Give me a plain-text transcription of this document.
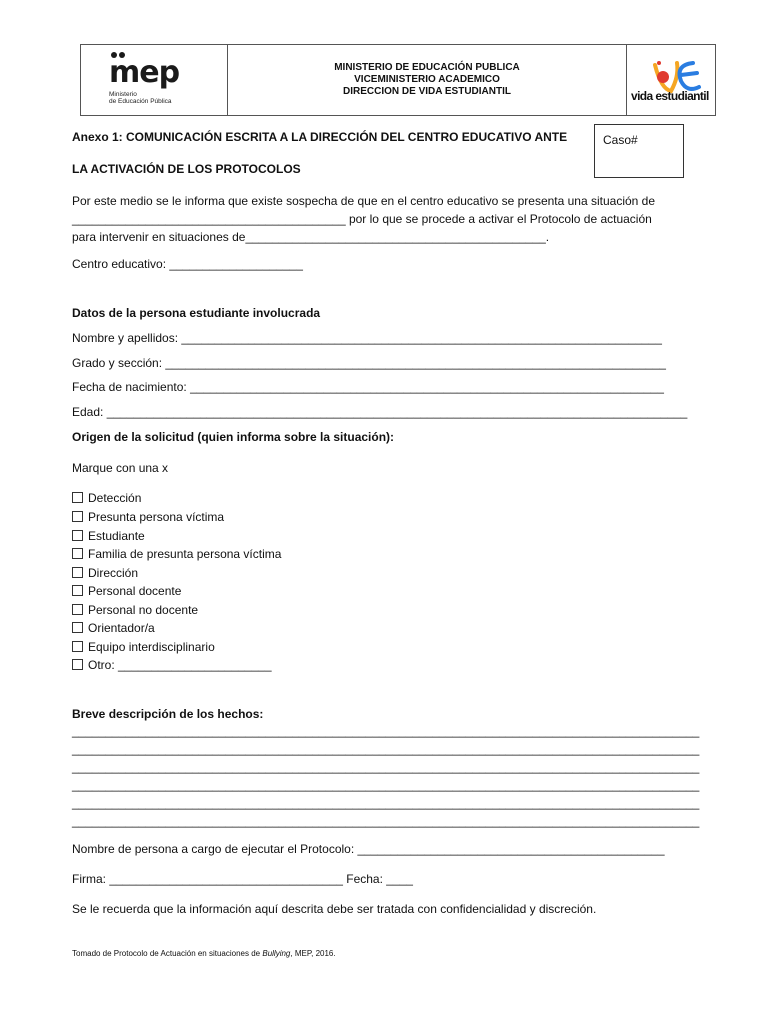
mep
Ministerio
de Educación Pública
MINISTERIO DE EDUCACIÓN PUBLICA
VICEMINISTERIO ACADEMICO
DIRECCION DE VIDA ESTUDIANTIL	vida estudiantil
Caso#
Anexo 1: COMUNICACIÓN ESCRITA A LA DIRECCIÓN DEL CENTRO EDUCATIVO ANTE
LA ACTIVACIÓN DE LOS PROTOCOLOS
Por este medio se le informa que existe sospecha de que en el centro educativo se presenta una situación de
_________________________________________ por lo que se procede a activar el Protocolo de actuación
para intervenir en situaciones de_____________________________________________.
Centro educativo: ____________________
Datos de la persona estudiante involucrada
Nombre y apellidos: ________________________________________________________________________
Grado y sección: ___________________________________________________________________________
Fecha de nacimiento: _______________________________________________________________________
Edad: _______________________________________________________________________________________
Origen de la solicitud (quien informa sobre la situación):
Marque con una x
Detección
Presunta persona víctima
Estudiante
Familia de presunta persona víctima
Dirección
Personal docente
Personal no docente
Orientador/a
Equipo interdisciplinario
Otro: _______________________
Breve descripción de los hechos:
______________________________________________________________________________________________
______________________________________________________________________________________________
______________________________________________________________________________________________
______________________________________________________________________________________________
______________________________________________________________________________________________
______________________________________________________________________________________________
Nombre de persona a cargo de ejecutar el Protocolo: ______________________________________________
Firma: ___________________________________ Fecha: ____
Se le recuerda que la información aquí descrita debe ser tratada con confidencialidad y discreción.
Tomado de Protocolo de Actuación en situaciones de Bullying, MEP, 2016.
